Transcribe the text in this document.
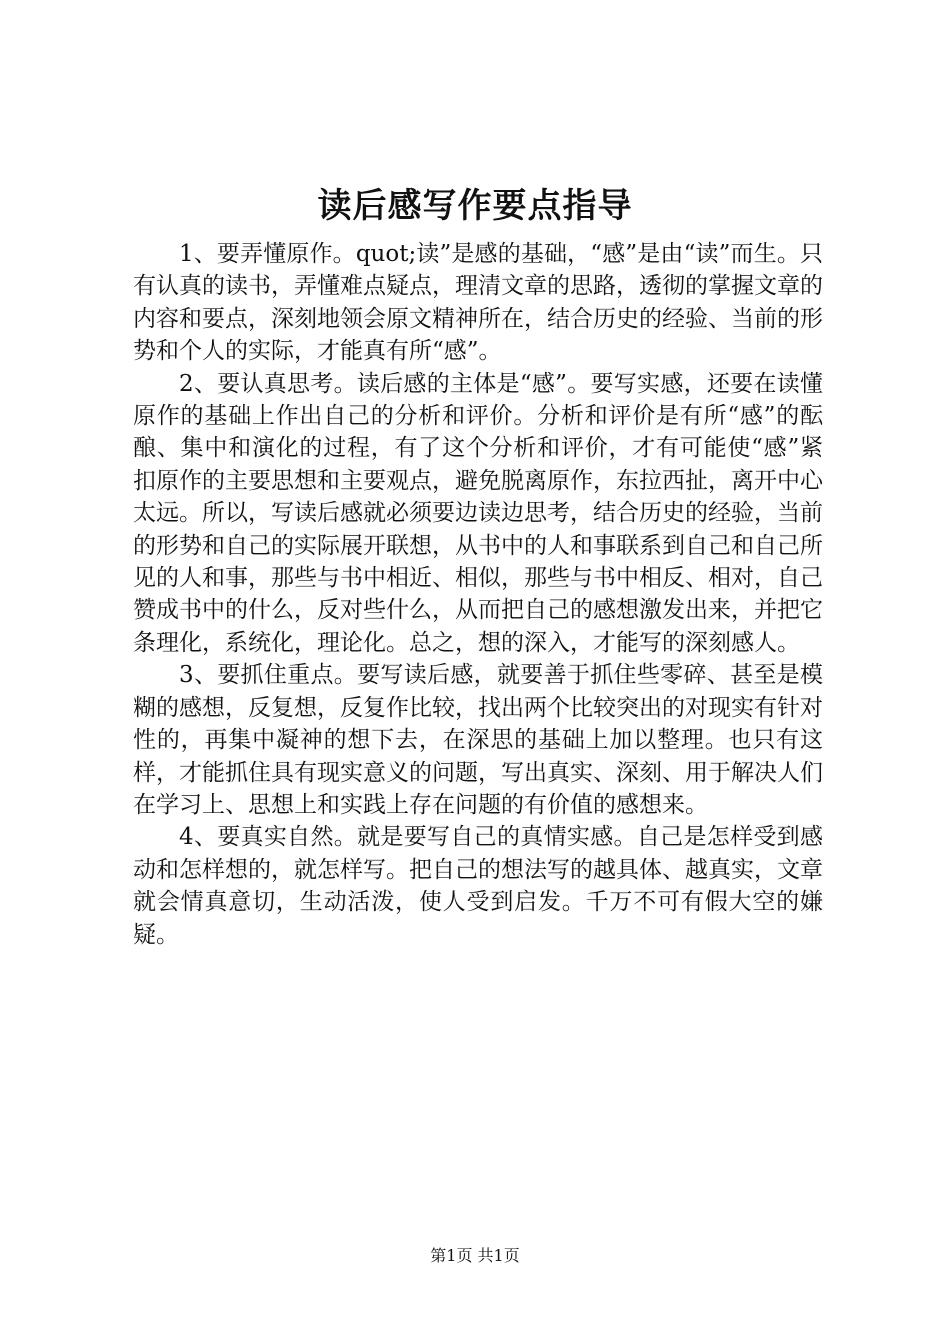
读后感写作要点指导

1、要弄懂原作。quot;读”是感的基础，“感”是由“读”而生。只有认真的读书，弄懂难点疑点，理清文章的思路，透彻的掌握文章的内容和要点，深刻地领会原文精神所在，结合历史的经验、当前的形势和个人的实际，才能真有所“感”。

2、要认真思考。读后感的主体是“感”。要写实感，还要在读懂原作的基础上作出自己的分析和评价。分析和评价是有所“感”的酝酿、集中和演化的过程，有了这个分析和评价，才有可能使“感”紧扣原作的主要思想和主要观点，避免脱离原作，东拉西扯，离开中心太远。所以，写读后感就必须要边读边思考，结合历史的经验，当前的形势和自己的实际展开联想，从书中的人和事联系到自己和自己所见的人和事，那些与书中相近、相似，那些与书中相反、相对，自己赞成书中的什么，反对些什么，从而把自己的感想激发出来，并把它条理化，系统化，理论化。总之，想的深入，才能写的深刻感人。

3、要抓住重点。要写读后感，就要善于抓住些零碎、甚至是模糊的感想，反复想，反复作比较，找出两个比较突出的对现实有针对性的，再集中凝神的想下去，在深思的基础上加以整理。也只有这样，才能抓住具有现实意义的问题，写出真实、深刻、用于解决人们在学习上、思想上和实践上存在问题的有价值的感想来。

4、要真实自然。就是要写自己的真情实感。自己是怎样受到感动和怎样想的，就怎样写。把自己的想法写的越具体、越真实，文章就会情真意切，生动活泼，使人受到启发。千万不可有假大空的嫌疑。

第1页 共1页
